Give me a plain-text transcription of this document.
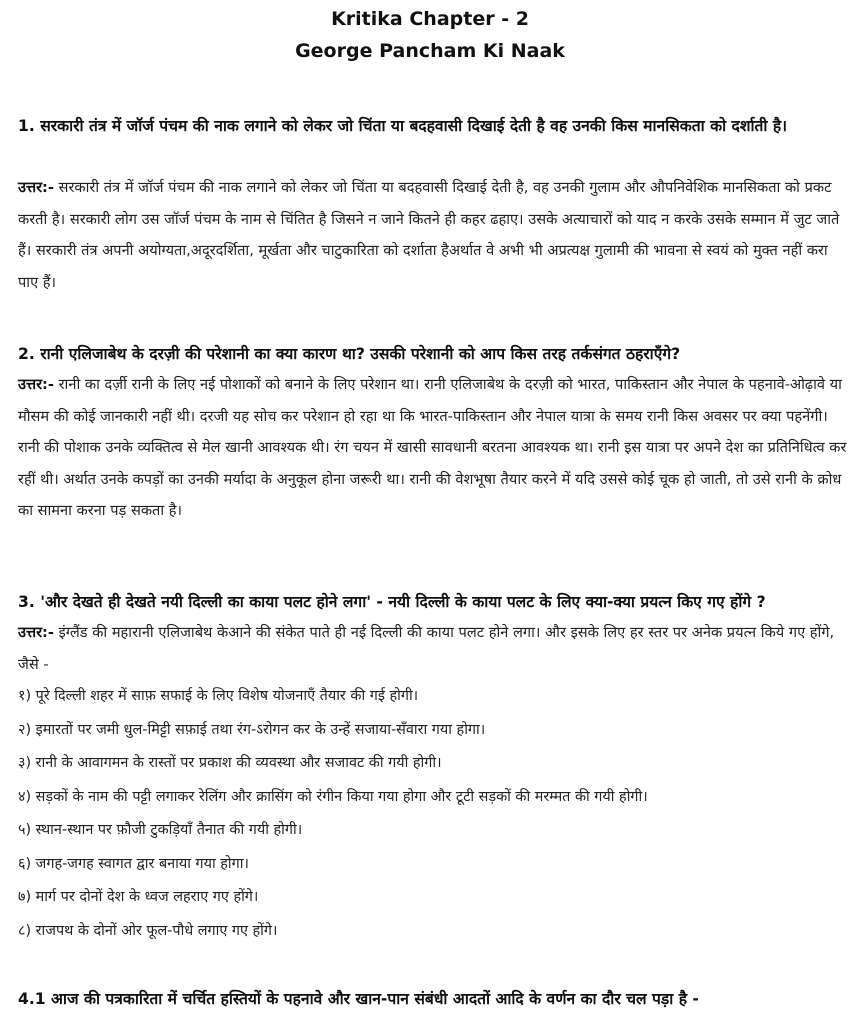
Kritika Chapter - 2
George Pancham Ki Naak

1. सरकारी तंत्र में जॉर्ज पंचम की नाक लगाने को लेकर जो चिंता या बदहवासी दिखाई देती है वह उनकी किस मानसिकता को दर्शाती है।

उत्तर:- सरकारी तंत्र में जॉर्ज पंचम की नाक लगाने को लेकर जो चिंता या बदहवासी दिखाई देती है, वह उनकी गुलाम और औपनिवेशिक मानसिकता को प्रकट करती है। सरकारी लोग उस जॉर्ज पंचम के नाम से चिंतित है जिसने न जाने कितने ही कहर ढहाए। उसके अत्याचारों को याद न करके उसके सम्मान में जुट जाते हैं। सरकारी तंत्र अपनी अयोग्यता,अदूरदर्शिता, मूर्खता और चाटुकारिता को दर्शाता हैअर्थात वे अभी भी अप्रत्यक्ष गुलामी की भावना से स्वयं को मुक्त नहीं करा पाए हैं।

2. रानी एलिजाबेथ के दरज़ी की परेशानी का क्या कारण था? उसकी परेशानी को आप किस तरह तर्कसंगत ठहराएँगे?

उत्तर:- रानी का दर्ज़ी रानी के लिए नई पोशाकों को बनाने के लिए परेशान था। रानी एलिजाबेथ के दरज़ी को भारत, पाकिस्तान और नेपाल के पहनावे-ओढ़ावे या मौसम की कोई जानकारी नहीं थी। दरजी यह सोच कर परेशान हो रहा था कि भारत-पाकिस्तान और नेपाल यात्रा के समय रानी किस अवसर पर क्या पहनेंगी। रानी की पोशाक उनके व्यक्तित्व से मेल खानी आवश्यक थी। रंग चयन में खासी सावधानी बरतना आवश्यक था। रानी इस यात्रा पर अपने देश का प्रतिनिधित्व कर रहीं थी। अर्थात उनके कपड़ों का उनकी मर्यादा के अनुकूल होना जरूरी था। रानी की वेशभूषा तैयार करने में यदि उससे कोई चूक हो जाती, तो उसे रानी के क्रोध का सामना करना पड़ सकता है।

3. 'और देखते ही देखते नयी दिल्ली का काया पलट होने लगा' - नयी दिल्ली के काया पलट के लिए क्या-क्या प्रयत्न किए गए होंगे ?

उत्तर:- इंग्लैंड की महारानी एलिजाबेथ केआने की संकेत पाते ही नई दिल्ली की काया पलट होने लगा। और इसके लिए हर स्तर पर अनेक प्रयत्न किये गए होंगे, जैसे -

१) पूरे दिल्ली शहर में साफ़ सफाई के लिए विशेष योजनाएँ तैयार की गई होगी।
२) इमारतों पर जमी धुल-मिट्टी सफ़ाई तथा रंग-ऽरोगन कर के उन्हें सजाया-सँवारा गया होगा।
३) रानी के आवागमन के रास्तों पर प्रकाश की व्यवस्था और सजावट की गयी होगी।
४) सड़कों के नाम की पट्टी लगाकर रेलिंग और क्रासिंग को रंगीन किया गया होगा और टूटी सड़कों की मरम्मत की गयी होगी।
५) स्थान-स्थान पर फ़ौजी टुकड़ियाँ तैनात की गयी होगी।
६) जगह-जगह स्वागत द्वार बनाया गया होगा।
७) मार्ग पर दोनों देश के ध्वज लहराए गए होंगे।
८) राजपथ के दोनों ओर फूल-पौधे लगाए गए होंगे।

4.1 आज की पत्रकारिता में चर्चित हस्तियों के पहनावे और खान-पान संबंधी आदतों आदि के वर्णन का दौर चल पड़ा है -
